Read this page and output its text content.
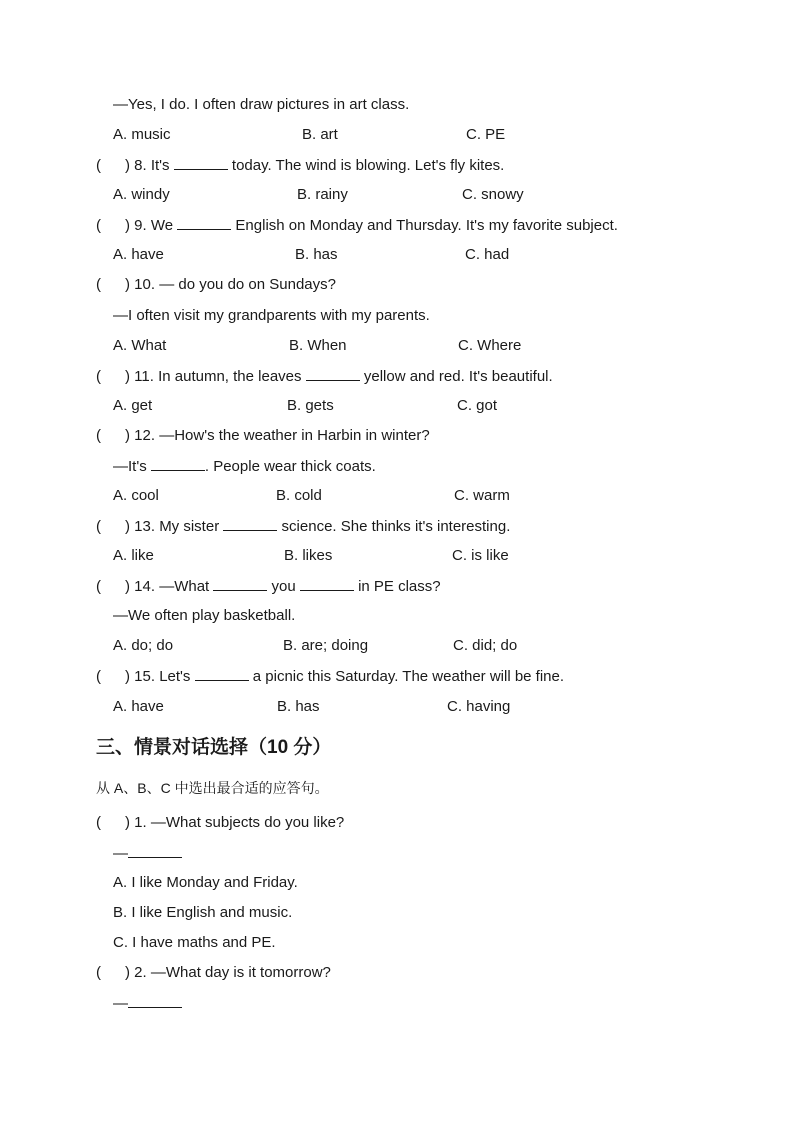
—Yes, I do. I often draw pictures in art class.
A. music	B. art	C. PE
( ) 8. It's	today. The wind is blowing. Let's fly kites.
A. windy	B. rainy	C. snowy
( ) 9. We	English on Monday and Thursday. It's my favorite subject.
A. have	B. has	C. had
( ) 10. — do you do on Sundays?
—I often visit my grandparents with my parents.
A. What	B. When	C. Where
( ) 11. In autumn, the leaves	yellow and red. It's beautiful.
A. get	B. gets	C. got
( ) 12. —How's the weather in Harbin in winter?
—It's	. People wear thick coats.
A. cool	B. cold	C. warm
( ) 13. My sister	science. She thinks it's interesting.
A. like	B. likes	C. is like
( ) 14. —What	you	in PE class?
—We often play basketball.
A. do; do	B. are; doing	C. did; do
( ) 15. Let's	a picnic this Saturday. The weather will be fine.
A. have	B. has	C. having
三、情景对话选择（10 分）
从 A、B、C 中选出最合适的应答句。
( ) 1. —What subjects do you like?
—
A. I like Monday and Friday.
B. I like English and music.
C. I have maths and PE.
( ) 2. —What day is it tomorrow?
—
